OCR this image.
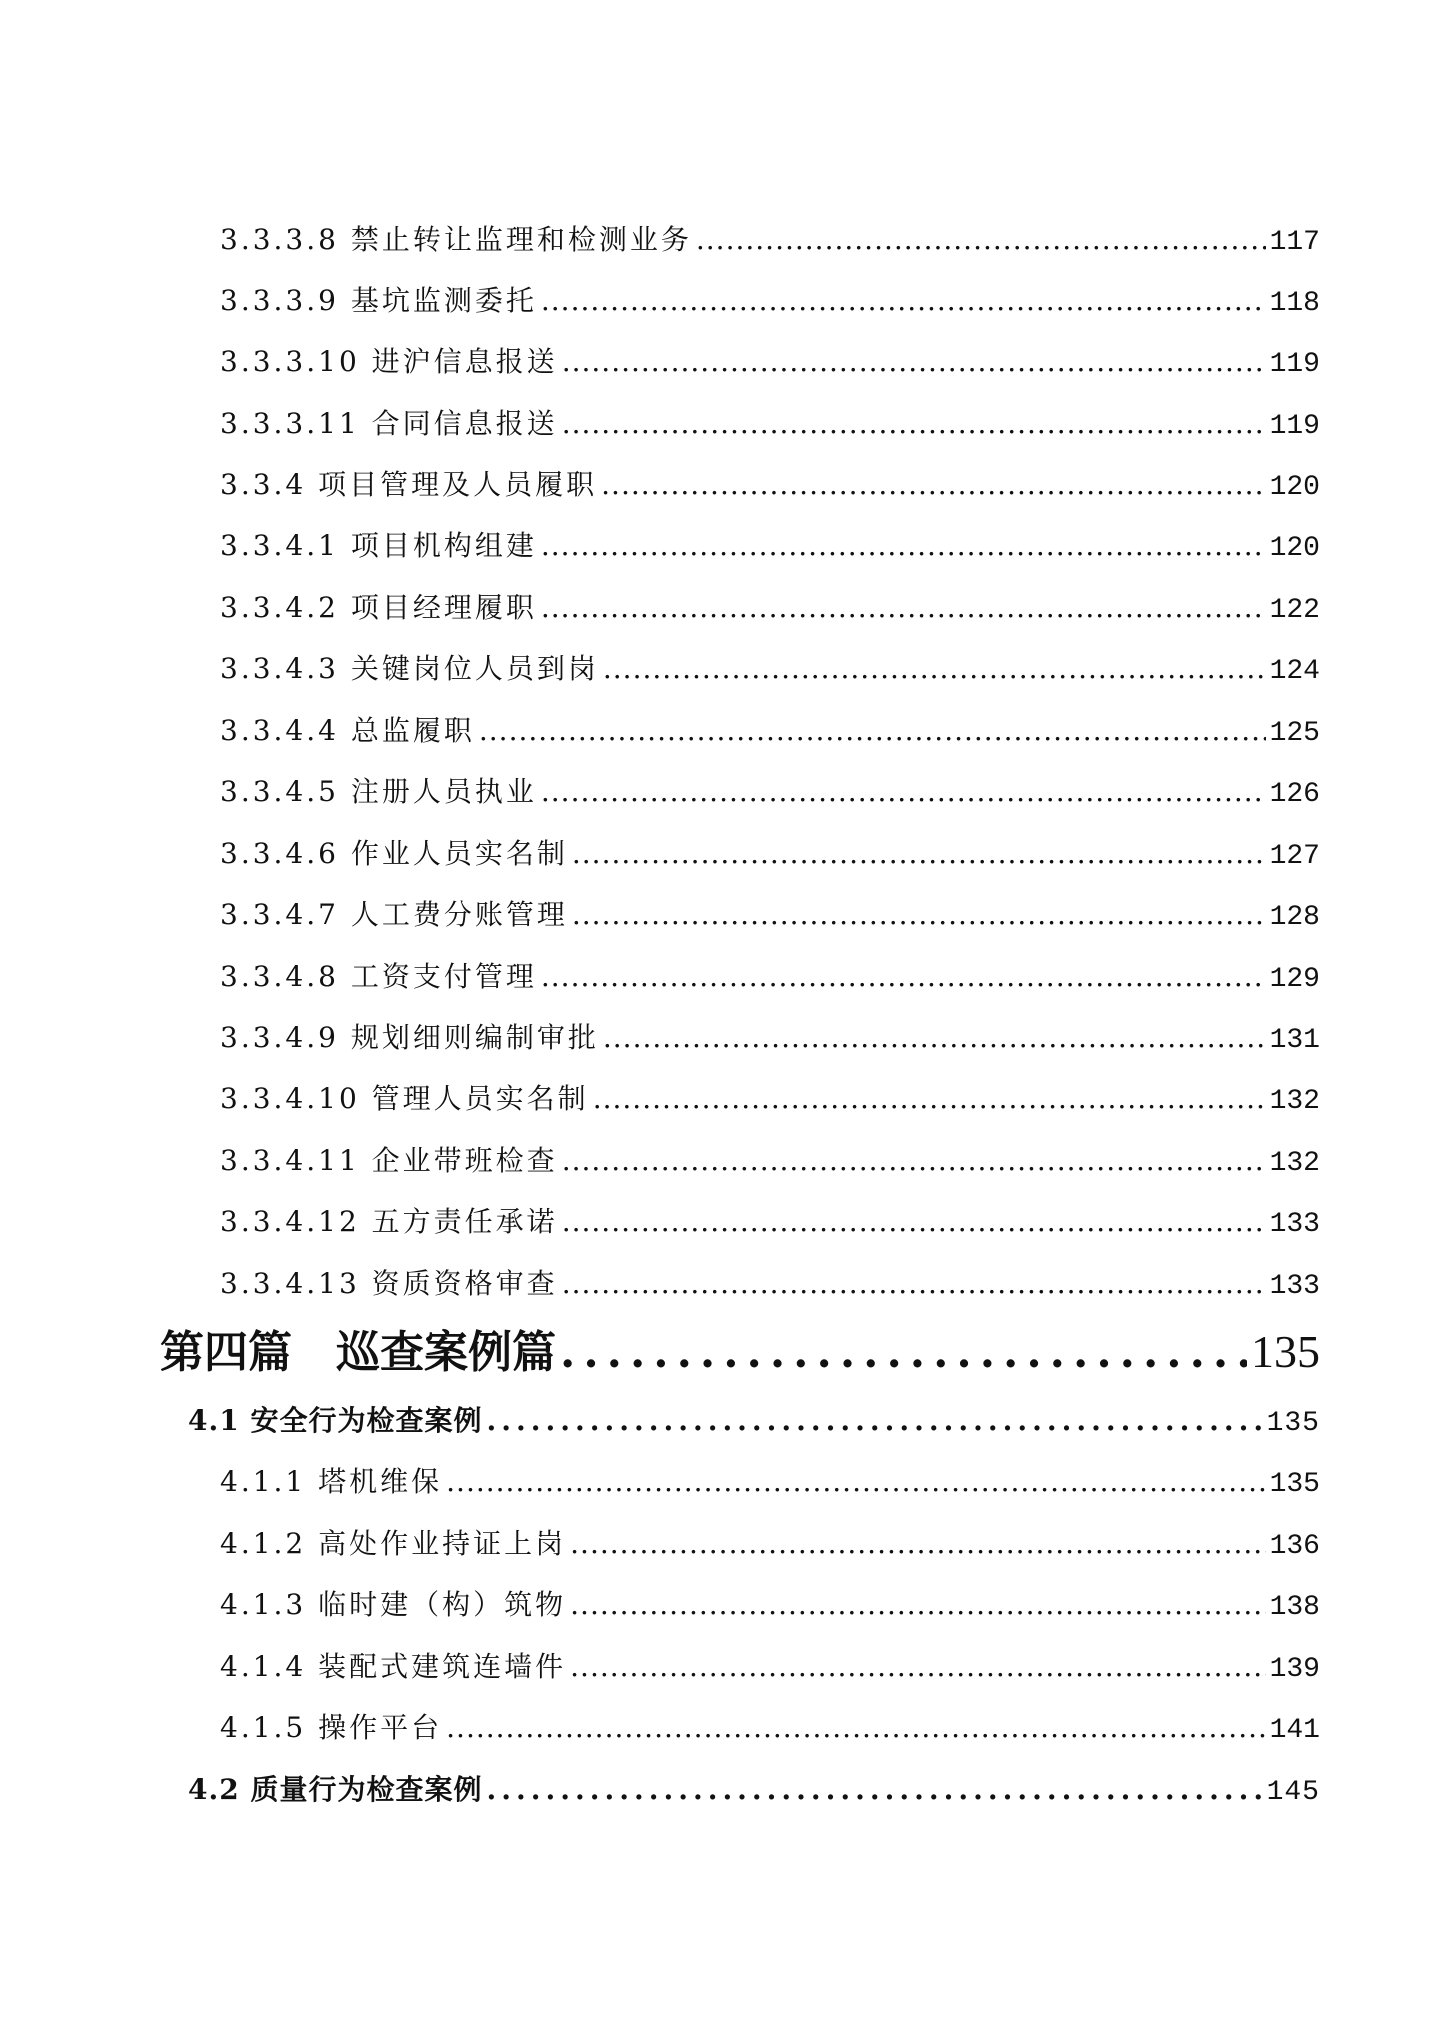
3.3.3.8 禁止转让监理和检测业务 .....	117
3.3.3.9 基坑监测委托 .....	118
3.3.3.10 进沪信息报送 .....	119
3.3.3.11 合同信息报送 .....	119
3.3.4 项目管理及人员履职 .....	120
3.3.4.1 项目机构组建 .....	120
3.3.4.2 项目经理履职 .....	122
3.3.4.3 关键岗位人员到岗 .....	124
3.3.4.4 总监履职 .....	125
3.3.4.5 注册人员执业 .....	126
3.3.4.6 作业人员实名制 .....	127
3.3.4.7 人工费分账管理 .....	128
3.3.4.8 工资支付管理 .....	129
3.3.4.9 规划细则编制审批 .....	131
3.3.4.10 管理人员实名制 .....	132
3.3.4.11 企业带班检查 .....	132
3.3.4.12 五方责任承诺 .....	133
3.3.4.13 资质资格审查 .....	133
第四篇　巡查案例篇 .....	135
4.1 安全行为检查案例 .....	135
4.1.1 塔机维保 .....	135
4.1.2 高处作业持证上岗 .....	136
4.1.3 临时建（构）筑物 .....	138
4.1.4 装配式建筑连墙件 .....	139
4.1.5 操作平台 .....	141
4.2 质量行为检查案例 .....	145
